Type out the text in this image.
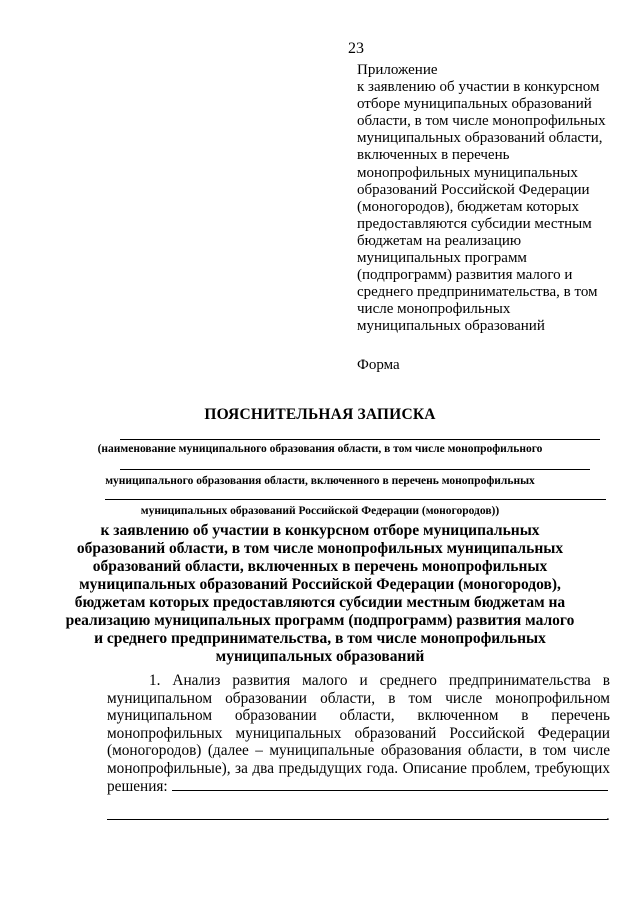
23
Приложение
к заявлению об участии в конкурсном
отборе муниципальных образований
области, в том числе монопрофильных
муниципальных образований области,
включенных в перечень
монопрофильных муниципальных
образований Российской Федерации
(моногородов), бюджетам которых
предоставляются субсидии местным
бюджетам на реализацию
муниципальных программ
(подпрограмм) развития малого и
среднего предпринимательства, в том
числе монопрофильных
муниципальных образований
Форма
ПОЯСНИТЕЛЬНАЯ ЗАПИСКА
(наименование муниципального образования области, в том числе монопрофильного
муниципального образования области, включенного в перечень монопрофильных
муниципальных образований Российской Федерации (моногородов))
к заявлению об участии в конкурсном отборе муниципальных
образований области, в том числе монопрофильных муниципальных
образований области, включенных в перечень монопрофильных
муниципальных образований Российской Федерации (моногородов),
бюджетам которых предоставляются субсидии местным бюджетам на
реализацию муниципальных программ (подпрограмм) развития малого
и среднего предпринимательства, в том числе монопрофильных
муниципальных образований
1. Анализ развития малого и среднего предпринимательства в
муниципальном образовании области, в том числе монопрофильном
муниципальном образовании области, включенном в перечень
монопрофильных муниципальных образований Российской Федерации
(моногородов) (далее – муниципальные образования области, в том числе
монопрофильные), за два предыдущих года. Описание проблем, требующих
решения:
.
